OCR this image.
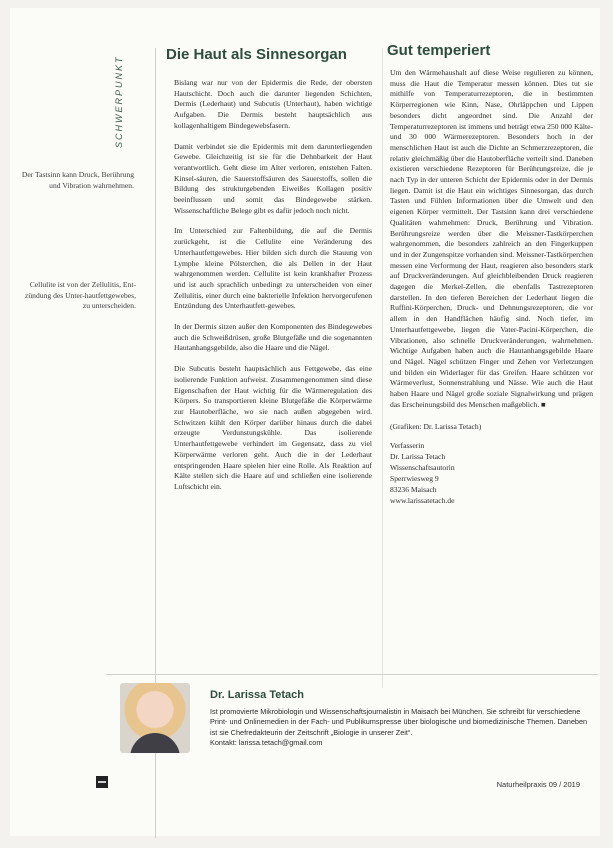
SCHWERPUNKT
Die Haut als Sinnesorgan	Gut temperiert
Der Tastsinn kann Druck, Berührung und Vibration wahrnehmen.
Cellulite ist von der Zellulitis, Ent-zündung des Unter-hautfettgewebes, zu unterscheiden.

Bislang war nur von der Epidermis die Rede, der obersten Hautschicht. Doch auch die darunter liegenden Schichten, Dermis (Lederhaut) und Subcutis (Unterhaut), haben wichtige Aufgaben. Die Dermis besteht hauptsächlich aus kollagenhaltigem Bindegewebsfasern.

Damit verbindet sie die Epidermis mit dem darunterliegenden Gewebe. Gleichzeitig ist sie für die Dehnbarkeit der Haut verantwortlich. Geht diese im Alter verloren, entstehen Falten. Kinsel-säuren, die Sauerstoffsäuren des Sauerstoffs, sollen die Bildung des strukturgebenden Eiweißes Kollagen positiv beeinflussen und somit das Bindegewebe stärken. Wissenschaftliche Belege gibt es dafür jedoch noch nicht.

Im Unterschied zur Faltenbildung, die auf die Dermis zurückgeht, ist die Cellulite eine Veränderung des Unterhautfettgewebes. Hier bilden sich durch die Stauung von Lymphe kleine Pölsterchen, die als Dellen in der Haut wahrgenommen werden. Cellulite ist kein krankhafter Prozess und ist auch sprachlich unbedingt zu unterscheiden von einer Zellulitis, einer durch eine bakterielle Infektion hervorgerufenen Entzündung des Unterhautfett-gewebes.

In der Dermis sitzen außer den Komponenten des Bindegewebes auch die Schweißdrüsen, große Blutgefäße und die sogenannten Hautanhangsgebilde, also die Haare und die Nägel.

Die Subcutis besteht hauptsächlich aus Fettgewebe, das eine isolierende Funktion aufweist. Zusammengenommen sind diese Eigenschaften der Haut wichtig für die Wärmeregulation des Körpers. So transportieren kleine Blutgefäße die Körperwärme zur Hautoberfläche, wo sie nach außen abgegeben wird. Schwitzen kühlt den Körper darüber hinaus durch die dabei erzeugte Verdunstungskühle. Das isolierende Unterhautfettgewebe verhindert im Gegensatz, dass zu viel Körperwärme verloren geht. Auch die in der Lederhaut entspringenden Haare spielen hier eine Rolle. Als Reaktion auf Kälte stellen sich die Haare auf und schließen eine isolierende Luftschicht ein.

Um den Wärmehaushalt auf diese Weise regulieren zu können, muss die Haut die Temperatur messen können. Dies tut sie mithilfe von Temperaturrezeptoren, die in bestimmten Körperregionen wie Kinn, Nase, Ohrläppchen und Lippen besonders dicht angeordnet sind. Die Anzahl der Temperaturrezeptoren ist immens und beträgt etwa 250 000 Kälte- und 30 000 Wärmerezeptoren. Besonders hoch in der menschlichen Haut ist auch die Dichte an Schmerzrezeptoren, die relativ gleichmäßig über die Hautoberfläche verteilt sind. Daneben existieren verschiedene Rezeptoren für Berührungsreize, die je nach Typ in der unteren Schicht der Epidermis oder in der Dermis liegen. Damit ist die Haut ein wichtiges Sinnesorgan, das durch Tasten und Fühlen Informationen über die Umwelt und den eigenen Körper vermittelt. Der Tastsinn kann drei verschiedene Qualitäten wahrnehmen: Druck, Berührung und Vibration. Berührungsreize werden über die Meissner-Tastkörperchen wahrgenommen, die besonders zahlreich an den Fingerkuppen und in der Zungenspitze vorhanden sind. Meissner-Tastkörperchen messen eine Verformung der Haut, reagieren also besonders stark auf Druckveränderungen. Auf gleichbleibenden Druck reagieren dagegen die Merkel-Zellen, die ebenfalls Tastrezeptoren darstellen. In den tieferen Bereichen der Lederhaut liegen die Ruffini-Körperchen, Druck- und Dehnungsrezeptoren, die vor allem in den Handflächen häufig sind. Noch tiefer, im Unterhautfettgewebe, liegen die Vater-Pacini-Körperchen, die Vibrationen, also schnelle Druckveränderungen, wahrnehmen. Wichtige Aufgaben haben auch die Hautanhangsgebilde Haare und Nägel. Nägel schützen Finger und Zehen vor Verletzungen und bilden ein Widerlager für das Greifen. Haare schützen vor Wärmeverlust, Sonnenstrahlung und Nässe. Wie auch die Haut haben Haare und Nägel große soziale Signalwirkung und prägen das Erscheinungsbild des Menschen maßgeblich. ■

(Grafiken: Dr. Larissa Tetach)
Verfasserin
Dr. Larissa Tetach
Wissenschaftsautorin
Sperrwiesweg 9
83236 Maisach
www.larissatetach.de
Dr. Larissa Tetach
Ist promovierte Mikrobiologin und Wissenschaftsjournalistin in Maisach bei München. Sie schreibt für verschiedene Print- und Onlinemedien in der Fach- und Publikumspresse über biologische und biomedizinische Themen. Daneben ist sie Chefredakteurin der Zeitschrift „Biologie in unserer Zeit“.
Kontakt: larissa.tetach@gmail.com
Naturheilpraxis 09 / 2019
